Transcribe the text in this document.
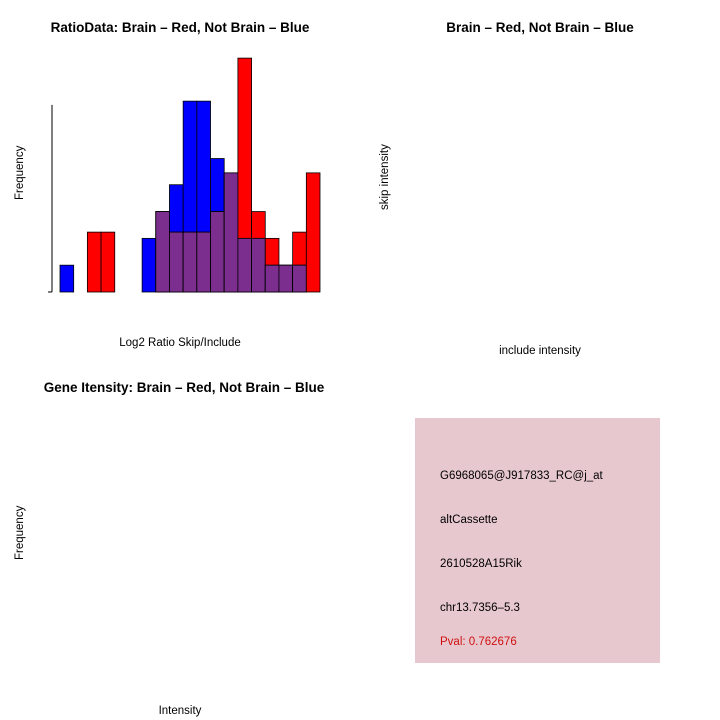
RatioData: Brain – Red, Not Brain – Blue
Log2 Ratio Skip/Include
Frequency
Brain – Red, Not Brain – Blue
include intensity
skip intensity
Gene Itensity: Brain – Red, Not Brain – Blue
Intensity
Frequency
G6968065@J917833_RC@j_at
altCassette
2610528A15Rik
chr13.7356–5.3
Pval: 0.762676
